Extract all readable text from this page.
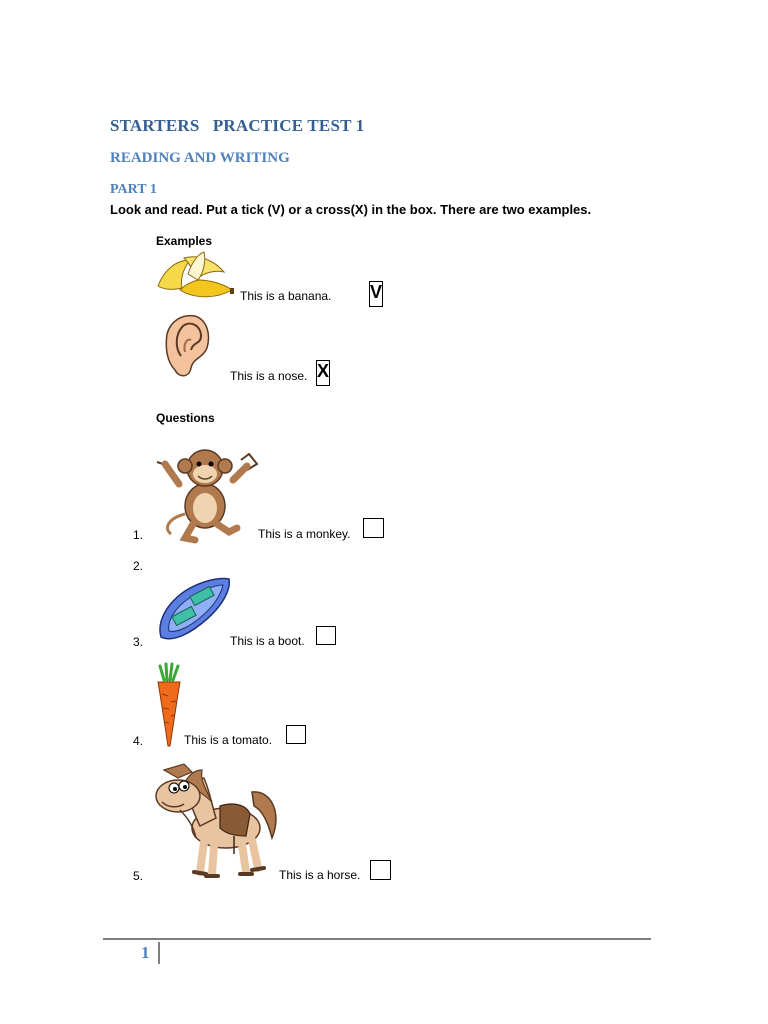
STARTERS   PRACTICE TEST 1
READING AND WRITING
PART 1
Look and read. Put a tick (V) or a cross(X) in the box. There are two examples.
Examples
This is a banana. V
This is a nose. X
Questions
1.	This is a monkey.
2.
3.	This is a boot.
4.	This is a tomato.
5.	This is a horse.
1
